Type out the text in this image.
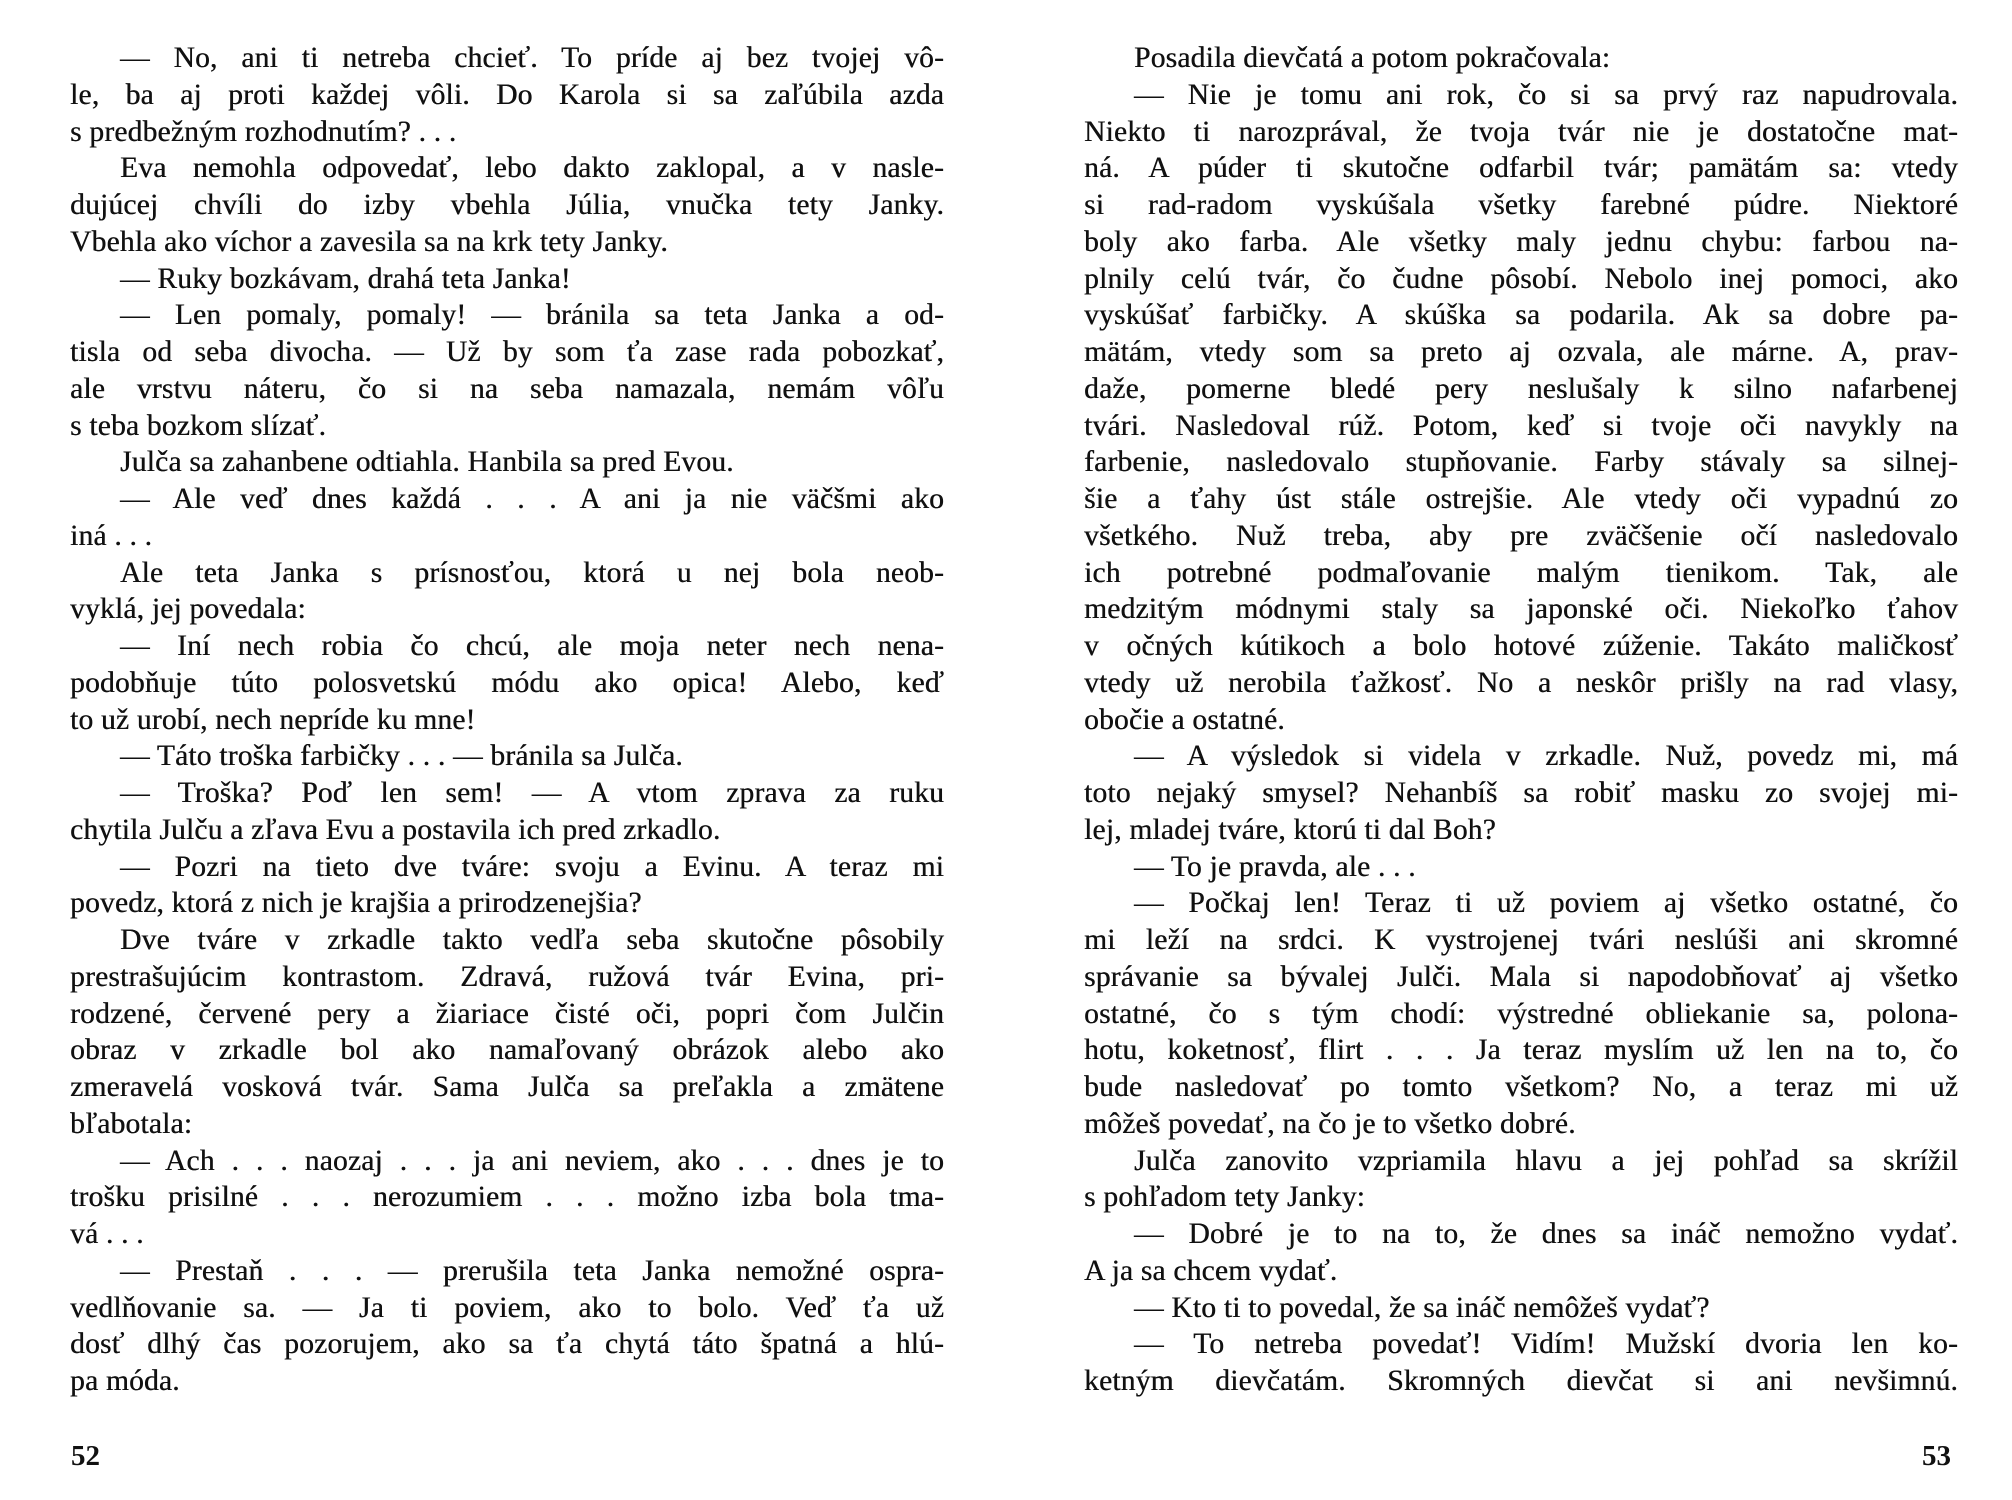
— No, ani ti netreba chcieť. To príde aj bez tvojej vô-
le, ba aj proti každej vôli. Do Karola si sa zaľúbila azda
s predbežným rozhodnutím? . . .
Eva nemohla odpovedať, lebo dakto zaklopal, a v nasle-
dujúcej chvíli do izby vbehla Júlia, vnučka tety Janky.
Vbehla ako víchor a zavesila sa na krk tety Janky.
— Ruky bozkávam, drahá teta Janka!
— Len pomaly, pomaly! — bránila sa teta Janka a od-
tisla od seba divocha. — Už by som ťa zase rada pobozkať,
ale vrstvu náteru, čo si na seba namazala, nemám vôľu
s teba bozkom slízať.
Julča sa zahanbene odtiahla. Hanbila sa pred Evou.
— Ale veď dnes každá . . . A ani ja nie väčšmi ako
iná . . .
Ale teta Janka s prísnosťou, ktorá u nej bola neob-
vyklá, jej povedala:
— Iní nech robia čo chcú, ale moja neter nech nena-
podobňuje túto polosvetskú módu ako opica! Alebo, keď
to už urobí, nech nepríde ku mne!
— Táto troška farbičky . . . — bránila sa Julča.
— Troška? Poď len sem! — A vtom zprava za ruku
chytila Julču a zľava Evu a postavila ich pred zrkadlo.
— Pozri na tieto dve tváre: svoju a Evinu. A teraz mi
povedz, ktorá z nich je krajšia a prirodzenejšia?
Dve tváre v zrkadle takto vedľa seba skutočne pôsobily
prestrašujúcim kontrastom. Zdravá, ružová tvár Evina, pri-
rodzené, červené pery a žiariace čisté oči, popri čom Julčin
obraz v zrkadle bol ako namaľovaný obrázok alebo ako
zmeravelá vosková tvár. Sama Julča sa preľakla a zmätene
bľabotala:
— Ach . . . naozaj . . . ja ani neviem, ako . . . dnes je to
trošku prisilné . . . nerozumiem . . . možno izba bola tma-
vá . . .
— Prestaň . . . — prerušila teta Janka nemožné ospra-
vedlňovanie sa. — Ja ti poviem, ako to bolo. Veď ťa už
dosť dlhý čas pozorujem, ako sa ťa chytá táto špatná a hlú-
pa móda.
Posadila dievčatá a potom pokračovala:
— Nie je tomu ani rok, čo si sa prvý raz napudrovala.
Niekto ti narozprával, že tvoja tvár nie je dostatočne mat-
ná. A púder ti skutočne odfarbil tvár; pamätám sa: vtedy
si rad-radom vyskúšala všetky farebné púdre. Niektoré
boly ako farba. Ale všetky maly jednu chybu: farbou na-
plnily celú tvár, čo čudne pôsobí. Nebolo inej pomoci, ako
vyskúšať farbičky. A skúška sa podarila. Ak sa dobre pa-
mätám, vtedy som sa preto aj ozvala, ale márne. A, prav-
daže, pomerne bledé pery neslušaly k silno nafarbenej
tvári. Nasledoval rúž. Potom, keď si tvoje oči navykly na
farbenie, nasledovalo stupňovanie. Farby stávaly sa silnej-
šie a ťahy úst stále ostrejšie. Ale vtedy oči vypadnú zo
všetkého. Nuž treba, aby pre zväčšenie očí nasledovalo
ich potrebné podmaľovanie malým tienikom. Tak, ale
medzitým módnymi staly sa japonské oči. Niekoľko ťahov
v očných kútikoch a bolo hotové zúženie. Takáto maličkosť
vtedy už nerobila ťažkosť. No a neskôr prišly na rad vlasy,
obočie a ostatné.
— A výsledok si videla v zrkadle. Nuž, povedz mi, má
toto nejaký smysel? Nehanbíš sa robiť masku zo svojej mi-
lej, mladej tváre, ktorú ti dal Boh?
— To je pravda, ale . . .
— Počkaj len! Teraz ti už poviem aj všetko ostatné, čo
mi leží na srdci. K vystrojenej tvári neslúši ani skromné
správanie sa bývalej Julči. Mala si napodobňovať aj všetko
ostatné, čo s tým chodí: výstredné obliekanie sa, polona-
hotu, koketnosť, flirt . . . Ja teraz myslím už len na to, čo
bude nasledovať po tomto všetkom? No, a teraz mi už
môžeš povedať, na čo je to všetko dobré.
Julča zanovito vzpriamila hlavu a jej pohľad sa skrížil
s pohľadom tety Janky:
— Dobré je to na to, že dnes sa ináč nemožno vydať.
A ja sa chcem vydať.
— Kto ti to povedal, že sa ináč nemôžeš vydať?
— To netreba povedať! Vidím! Mužskí dvoria len ko-
ketným dievčatám. Skromných dievčat si ani nevšimnú.
52	53
